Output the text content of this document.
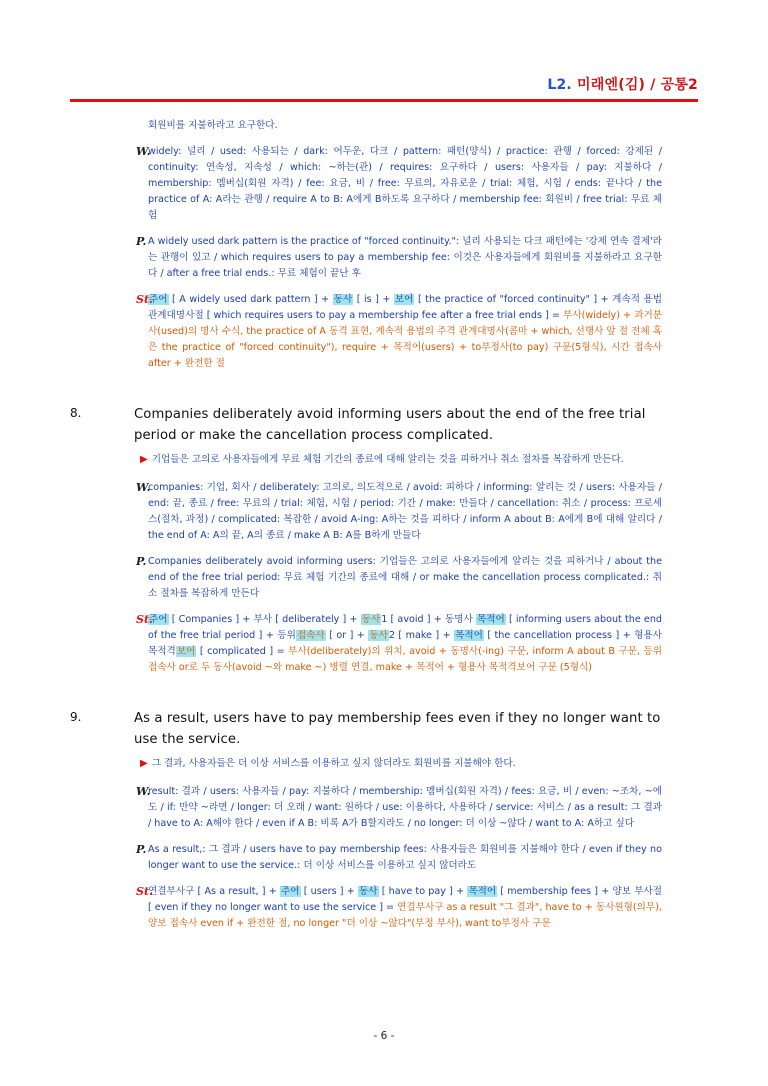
L2. 미래엔(김) / 공통2
회원비를 지불하라고 요구한다.
W.
widely: 널리 / used: 사용되는 / dark: 어두운, 다크 / pattern: 패턴(양식) / practice: 관행 / forced: 강제된 / continuity: 연속성, 지속성 / which: ~하는(관) / requires: 요구하다 / users: 사용자들 / pay: 지불하다 / membership: 멤버십(회원 자격) / fee: 요금, 비 / free: 무료의, 자유로운 / trial: 체험, 시험 / ends: 끝나다 / the practice of A: A라는 관행 / require A to B: A에게 B하도록 요구하다 / membership fee: 회원비 / free trial: 무료 체험
P. A widely used dark pattern is the practice of "forced continuity.": 널리 사용되는 다크 패턴에는 '강제 연속 결제'라는 관행이 있고 / which requires users to pay a membership fee: 이것은 사용자들에게 회원비를 지불하라고 요구한다 / after a free trial ends.: 무료 체험이 끝난 후
St.
주어 [ A widely used dark pattern ] + 동사 [ is ] + 보어 [ the practice of "forced continuity" ] + 계속적 용법 관계대명사절 [ which requires users to pay a membership fee after a free trial ends ] = 부사(widely) + 과거분사(used)의 명사 수식, the practice of A 동격 표현, 계속적 용법의 주격 관계대명사(콤마 + which, 선행사 앞 절 전체 혹은 the practice of "forced continuity"), require + 목적어(users) + to부정사(to pay) 구문(5형식), 시간 접속사 after + 완전한 절
8.	Companies deliberately avoid informing users about the end of the free trial period or make the cancellation process complicated.
▶ 기업들은 고의로 사용자들에게 무료 체험 기간의 종료에 대해 알리는 것을 피하거나 취소 절차를 복잡하게 만든다.
W.
companies: 기업, 회사 / deliberately: 고의로, 의도적으로 / avoid: 피하다 / informing: 알리는 것 / users: 사용자들 / end: 끝, 종료 / free: 무료의 / trial: 체험, 시험 / period: 기간 / make: 만들다 / cancellation: 취소 / process: 프로세스(절차, 과정) / complicated: 복잡한 / avoid A-ing: A하는 것을 피하다 / inform A about B: A에게 B에 대해 알리다 / the end of A: A의 끝, A의 종료 / make A B: A를 B하게 만들다
P. Companies deliberately avoid informing users: 기업들은 고의로 사용자들에게 알리는 것을 피하거나 / about the end of the free trial period: 무료 체험 기간의 종료에 대해 / or make the cancellation process complicated.: 취소 절차를 복잡하게 만든다
St.
주어 [ Companies ] + 부사 [ deliberately ] + 동사1 [ avoid ] + 동명사 목적어 [ informing users about the end of the free trial period ] + 등위접속사 [ or ] + 동사2 [ make ] + 목적어 [ the cancellation process ] + 형용사 목적격보어 [ complicated ] = 부사(deliberately)의 위치, avoid + 동명사(-ing) 구문, inform A about B 구문, 등위접속사 or로 두 동사(avoid ~와 make ~) 병렬 연결, make + 목적어 + 형용사 목적격보어 구문 (5형식)
9.	As a result, users have to pay membership fees even if they no longer want to use the service.
▶ 그 결과, 사용자들은 더 이상 서비스를 이용하고 싶지 않더라도 회원비를 지불해야 한다.
W.
result: 결과 / users: 사용자들 / pay: 지불하다 / membership: 멤버십(회원 자격) / fees: 요금, 비 / even: ~조차, ~에도 / if: 만약 ~라면 / longer: 더 오래 / want: 원하다 / use: 이용하다, 사용하다 / service: 서비스 / as a result: 그 결과 / have to A: A해야 한다 / even if A B: 비록 A가 B할지라도 / no longer: 더 이상 ~않다 / want to A: A하고 싶다
P. As a result,: 그 결과 / users have to pay membership fees: 사용자들은 회원비를 지불해야 한다 / even if they no longer want to use the service.: 더 이상 서비스를 이용하고 싶지 않더라도
St.
연결부사구 [ As a result, ] + 주어 [ users ] + 동사 [ have to pay ] + 목적어 [ membership fees ] + 양보 부사절 [ even if they no longer want to use the service ] = 연결부사구 as a result "그 결과", have to + 동사원형(의무), 양보 접속사 even if + 완전한 절, no longer "더 이상 ~않다"(부정 부사), want to부정사 구문
- 6 -
